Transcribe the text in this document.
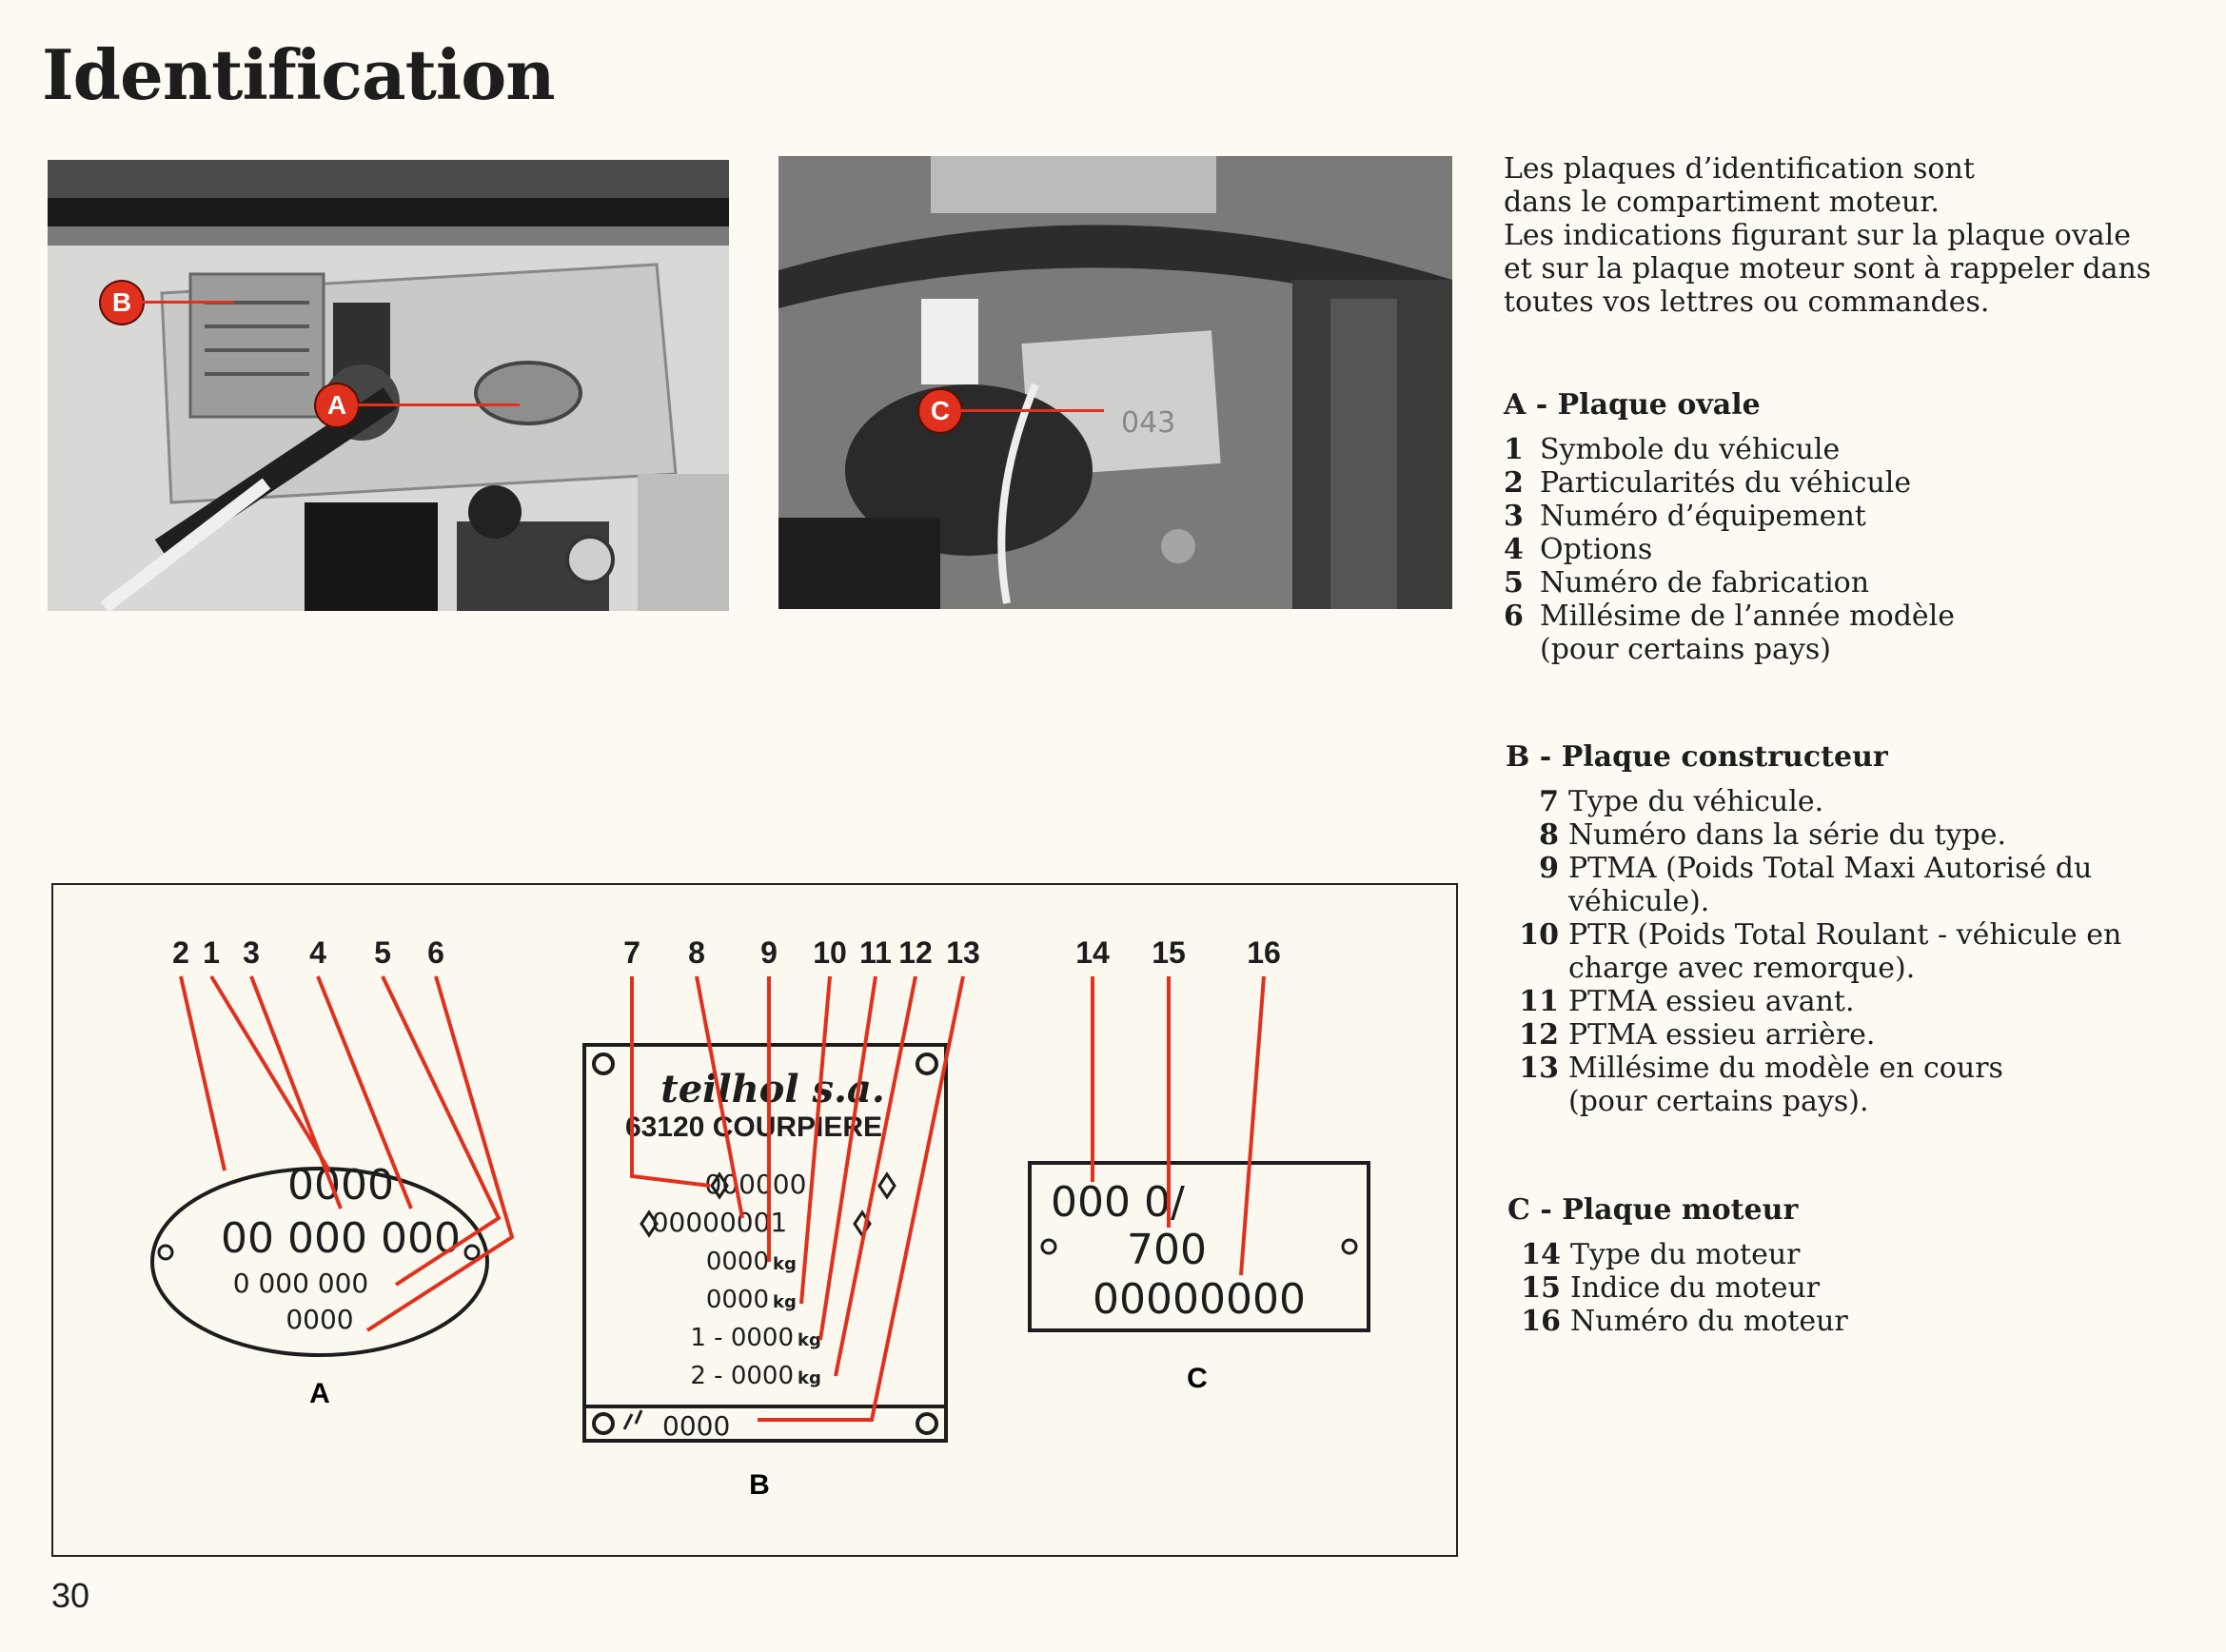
Identification
B
A
043
C
Les plaques d’identification sont
dans le compartiment moteur.
Les indications figurant sur la plaque ovale
et sur la plaque moteur sont à rappeler dans
toutes vos lettres ou commandes.
A - Plaque ovale
1 Symbole du véhicule
2 Particularités du véhicule
3 Numéro d’équipement
4 Options
5 Numéro de fabrication
6 Millésime de l’année modèle
(pour certains pays)
B - Plaque constructeur
7 Type du véhicule.
8 Numéro dans la série du type.
9 PTMA (Poids Total Maxi Autorisé du
véhicule).
10 PTR (Poids Total Roulant - véhicule en
charge avec remorque).
11 PTMA essieu avant.
12 PTMA essieu arrière.
13 Millésime du modèle en cours
(pour certains pays).
C - Plaque moteur
14 Type du moteur
15 Indice du moteur
16 Numéro du moteur
2 1 3 4 5 6	7 8 9 10 11 12 13	14 15 16
0000
00 000 000
0 000 000
0000
A
teilhol s.a.
63120 COURPIERE
000000
00000001
0000
0000
1 - 0000
2 - 0000
kg
kg
kg
kg
0000
B
000 0/
700
00000000
C
30
